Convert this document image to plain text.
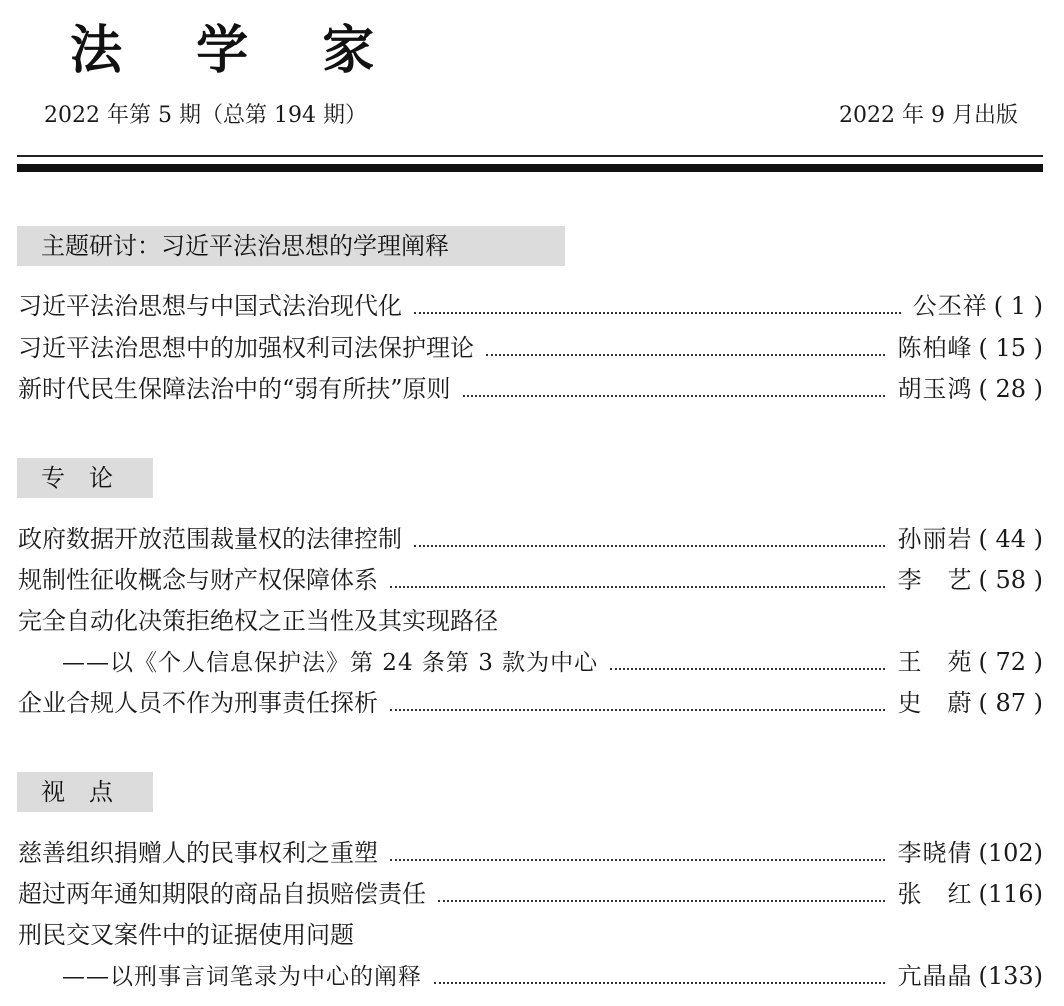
法 学 家
2022 年第 5 期（总第 194 期）	2022 年 9 月出版
主题研讨：习近平法治思想的学理阐释
习近平法治思想与中国式法治现代化	公丕祥 ( 1 )
习近平法治思想中的加强权利司法保护理论	陈柏峰 ( 15 )
新时代民生保障法治中的“弱有所扶”原则	胡玉鸿 ( 28 )
专　论
政府数据开放范围裁量权的法律控制	孙丽岩 ( 44 )
规制性征收概念与财产权保障体系	李　艺 ( 58 )
完全自动化决策拒绝权之正当性及其实现路径
——以《个人信息保护法》第 24 条第 3 款为中心	王　苑 ( 72 )
企业合规人员不作为刑事责任探析	史　蔚 ( 87 )
视　点
慈善组织捐赠人的民事权利之重塑	李晓倩 (102)
超过两年通知期限的商品自损赔偿责任	张　红 (116)
刑民交叉案件中的证据使用问题
——以刑事言词笔录为中心的阐释	亢晶晶 (133)
